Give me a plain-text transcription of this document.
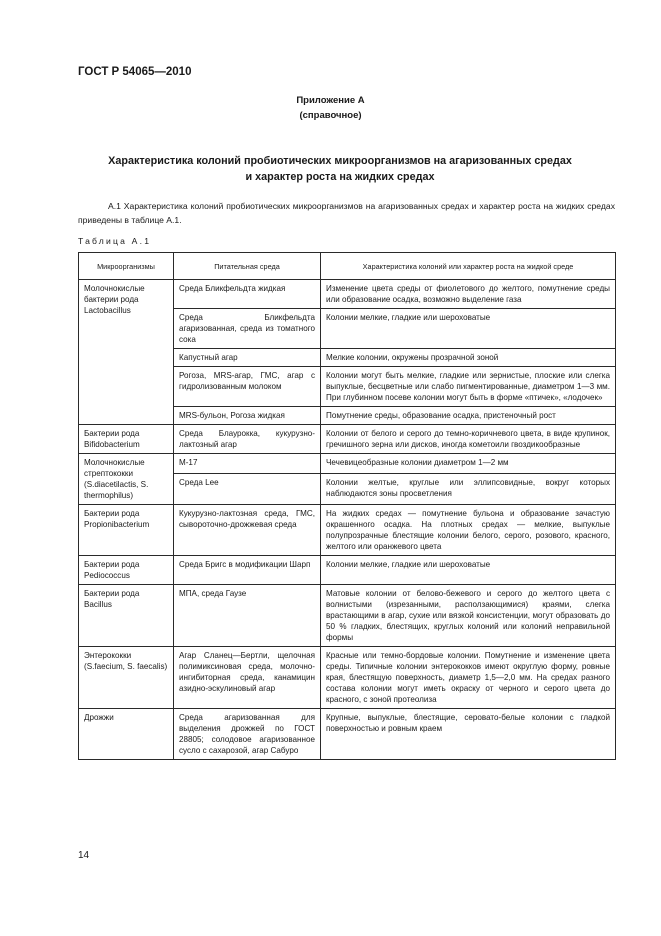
ГОСТ Р 54065—2010
Приложение А
(справочное)
Характеристика колоний пробиотических микроорганизмов на агаризованных средах
и характер роста на жидких средах
А.1 Характеристика колоний пробиотических микроорганизмов на агаризованных средах и характер роста на жидких средах приведены в таблице А.1.
Таблица А.1
Микроорганизмы	Питательная среда	Характеристика колоний или характер роста на жидкой среде
Молочнокислые бактерии рода Lactobacillus	Среда Бликфельдта жидкая	Изменение цвета среды от фиолетового до желтого, помутнение среды или образование осадка, возможно выделение газа
	Среда Бликфельдта агаризованная, среда из томатного сока	Колонии мелкие, гладкие или шероховатые
	Капустный агар	Мелкие колонии, окружены прозрачной зоной
	Рогоза, MRS-агар, ГМС, агар с гидролизованным молоком	Колонии могут быть мелкие, гладкие или зернистые, плоские или слегка выпуклые, бесцветные или слабо пигментированные, диаметром 1—3 мм. При глубинном посеве колонии могут быть в форме «птичек», «лодочек»
	MRS-бульон, Рогоза жидкая	Помутнение среды, образование осадка, пристеночный рост
Бактерии рода Bifidobacterium	Среда Блаурокка, кукурузно-лактозный агар	Колонии от белого и серого до темно-коричневого цвета, в виде крупинок, гречишного зерна или дисков, иногда кометоили гвоздикообразные
Молочнокислые стрептококки (S.diacetilactis, S. thermophilus)	М-17	Чечевицеобразные колонии диаметром 1—2 мм
	Среда Lee	Колонии желтые, круглые или эллипсовидные, вокруг которых наблюдаются зоны просветления
Бактерии рода Propionibacterium	Кукурузно-лактозная среда, ГМС, сывороточно-дрожжевая среда	На жидких средах — помутнение бульона и образование зачастую окрашенного осадка. На плотных средах — мелкие, выпуклые полупрозрачные блестящие колонии белого, серого, розового, красного, желтого или оранжевого цвета
Бактерии рода Pediococcus	Среда Бригс в модификации Шарп	Колонии мелкие, гладкие или шероховатые
Бактерии рода Bacillus	МПА, среда Гаузе	Матовые колонии от белово-бежевого и серого до желтого цвета с волнистыми (изрезанными, расползающимися) краями, слегка врастающими в агар, сухие или вязкой консистенции, могут образовать до 50 % гладких, блестящих, круглых колоний или колоний неправильной формы
Энтерококки (S.faecium, S. faecalis)	Агар Сланец—Бертли, щелочная полимиксиновая среда, молочно-ингибиторная среда, канамицин азидно-эскулиновый агар	Красные или темно-бордовые колонии. Помутнение и изменение цвета среды. Типичные колонии энтерококков имеют округлую форму, ровные края, блестящую поверхность, диаметр 1,5—2,0 мм. На средах разного состава колонии могут иметь окраску от черного и серого цвета до красного, с зоной протеолиза
Дрожжи	Среда агаризованная для выделения дрожжей по ГОСТ 28805; солодовое агаризованное сусло с сахарозой, агар Сабуро	Крупные, выпуклые, блестящие, серовато-белые колонии с гладкой поверхностью и ровным краем
14
